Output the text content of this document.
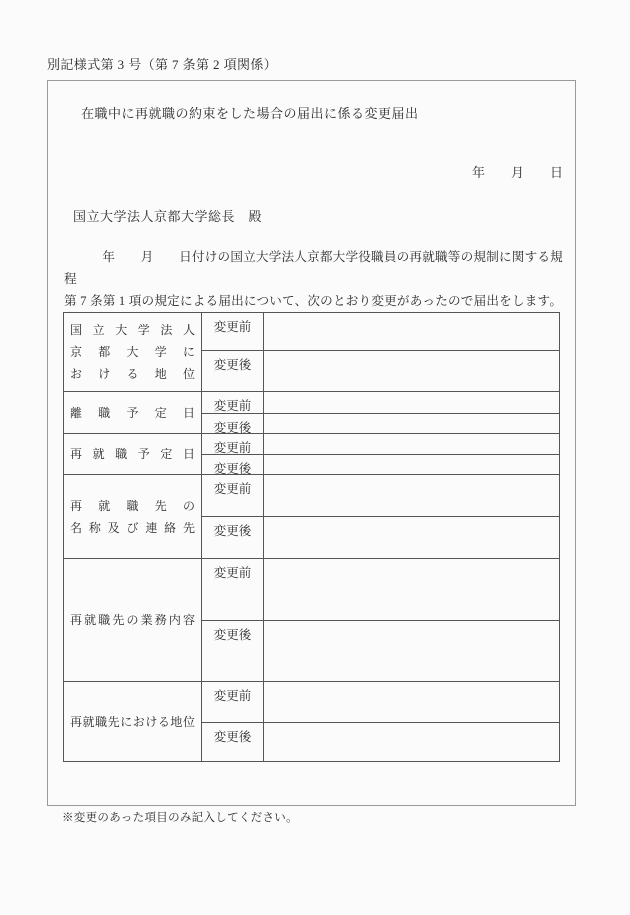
別記様式第 3 号（第 7 条第 2 項関係）
在職中に再就職の約束をした場合の届出に係る変更届出
年　　月　　日
国立大学法人京都大学総長　殿
　　　年　　月　　日付けの国立大学法人京都大学役職員の再就職等の規制に関する規程
第 7 条第 1 項の規定による届出について、次のとおり変更があったので届出をします。
国立大学法人
京都大学に
おける地位
変更前
変更後
離職予定日	変更前
変更後
再就職予定日	変更前
変更後
再就職先の
名称及び連絡先
変更前
変更後
再就職先の業務内容
変更前
変更後
再就職先における地位
変更前
変更後
※変更のあった項目のみ記入してください。
